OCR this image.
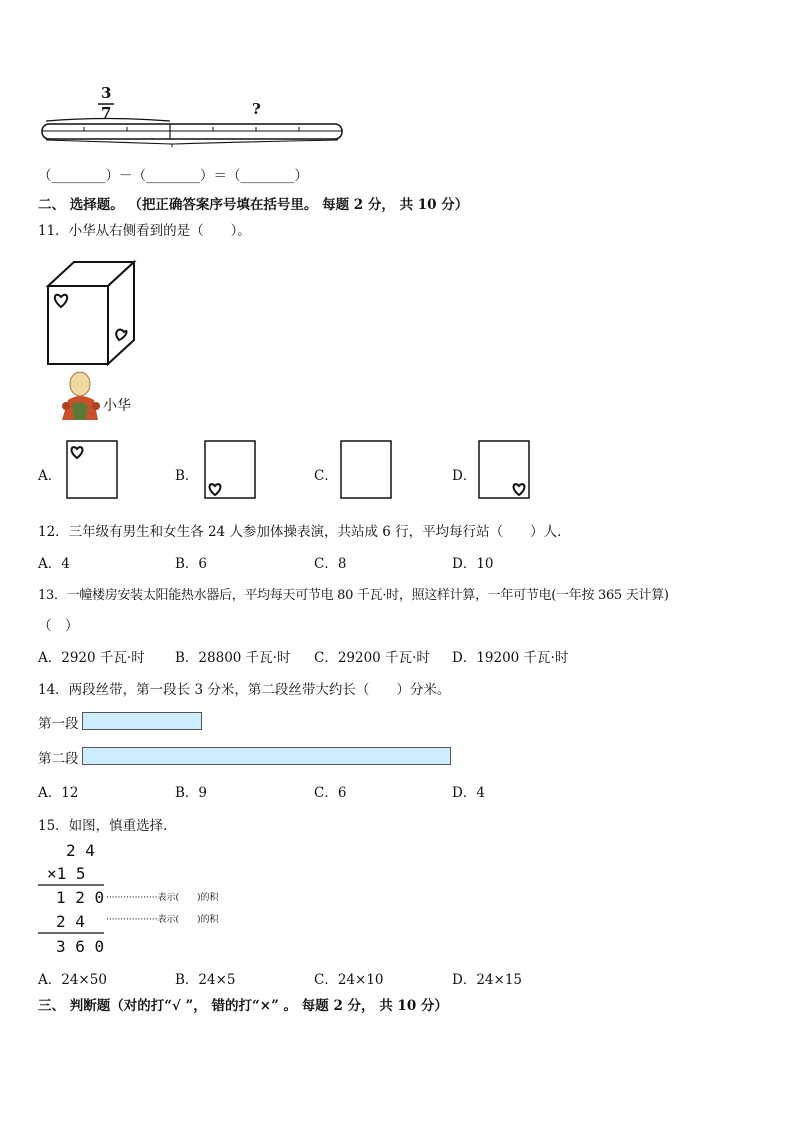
3
7	?
（________）－（________）＝（________）
二、 选择题。 （把正确答案序号填在括号里。 每题 2 分， 共 10 分）
11．小华从右侧看到的是（　　）。
小华
A．	B．	C．	D．
12．三年级有男生和女生各 24 人参加体操表演，共站成 6 行，平均每行站（　　）人．
A．4	B．6	C．8	D．10
13．一幢楼房安装太阳能热水器后，平均每天可节电 80 千瓦·时，照这样计算，一年可节电(一年按 365 天计算)
（　）
A．2920 千瓦·时 B．28800 千瓦·时 C．29200 千瓦·时 D．19200 千瓦·时
14．两段丝带，第一段长 3 分米，第二段丝带大约长（　　）分米。
第一段
第二段
A．12	B．9	C．6	D．4
15．如图，慎重选择．
2 4
×1 5
1 2 0 ··················表示(　　)的积
2 4 ··················表示(　　)的积
3 6 0
A．24×50	B．24×5	C．24×10	D．24×15
三、 判断题（对的打“√ ”， 错的打“×” 。 每题 2 分， 共 10 分）
